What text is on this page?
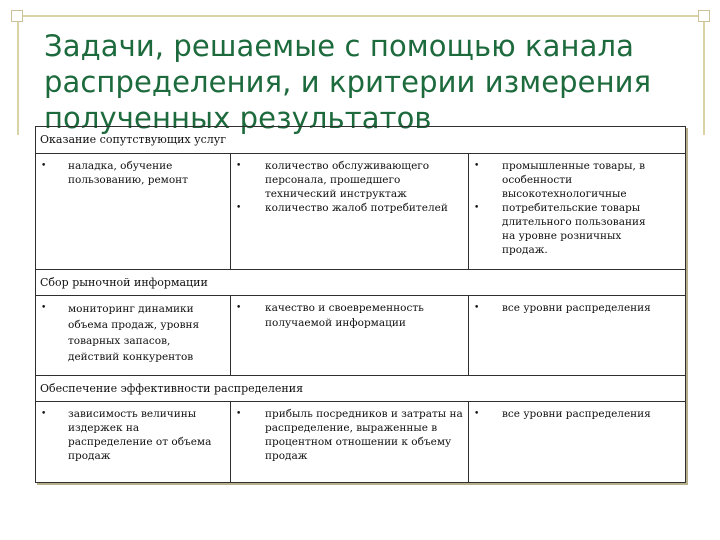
Задачи, решаемые с помощью канала распределения, и критерии измерения полученных результатов
Оказание сопутствующих услуг
• наладка, обучение пользованию, ремонт
• количество обслуживающего персонала, прошедшего технический инструктаж
• количество жалоб потребителей
• промышленные товары, в особенности высокотехнологичные
• потребительские товары длительного пользования на уровне розничных продаж.
Сбор рыночной информации
• мониторинг динамики объема продаж, уровня товарных запасов, действий конкурентов
• качество и своевременность получаемой информации
• все уровни распределения
Обеспечение эффективности распределения
• зависимость величины издержек на распределение от объема продаж
• прибыль посредников и затраты на распределение, выраженные в процентном отношении к объему продаж
• все уровни распределения
